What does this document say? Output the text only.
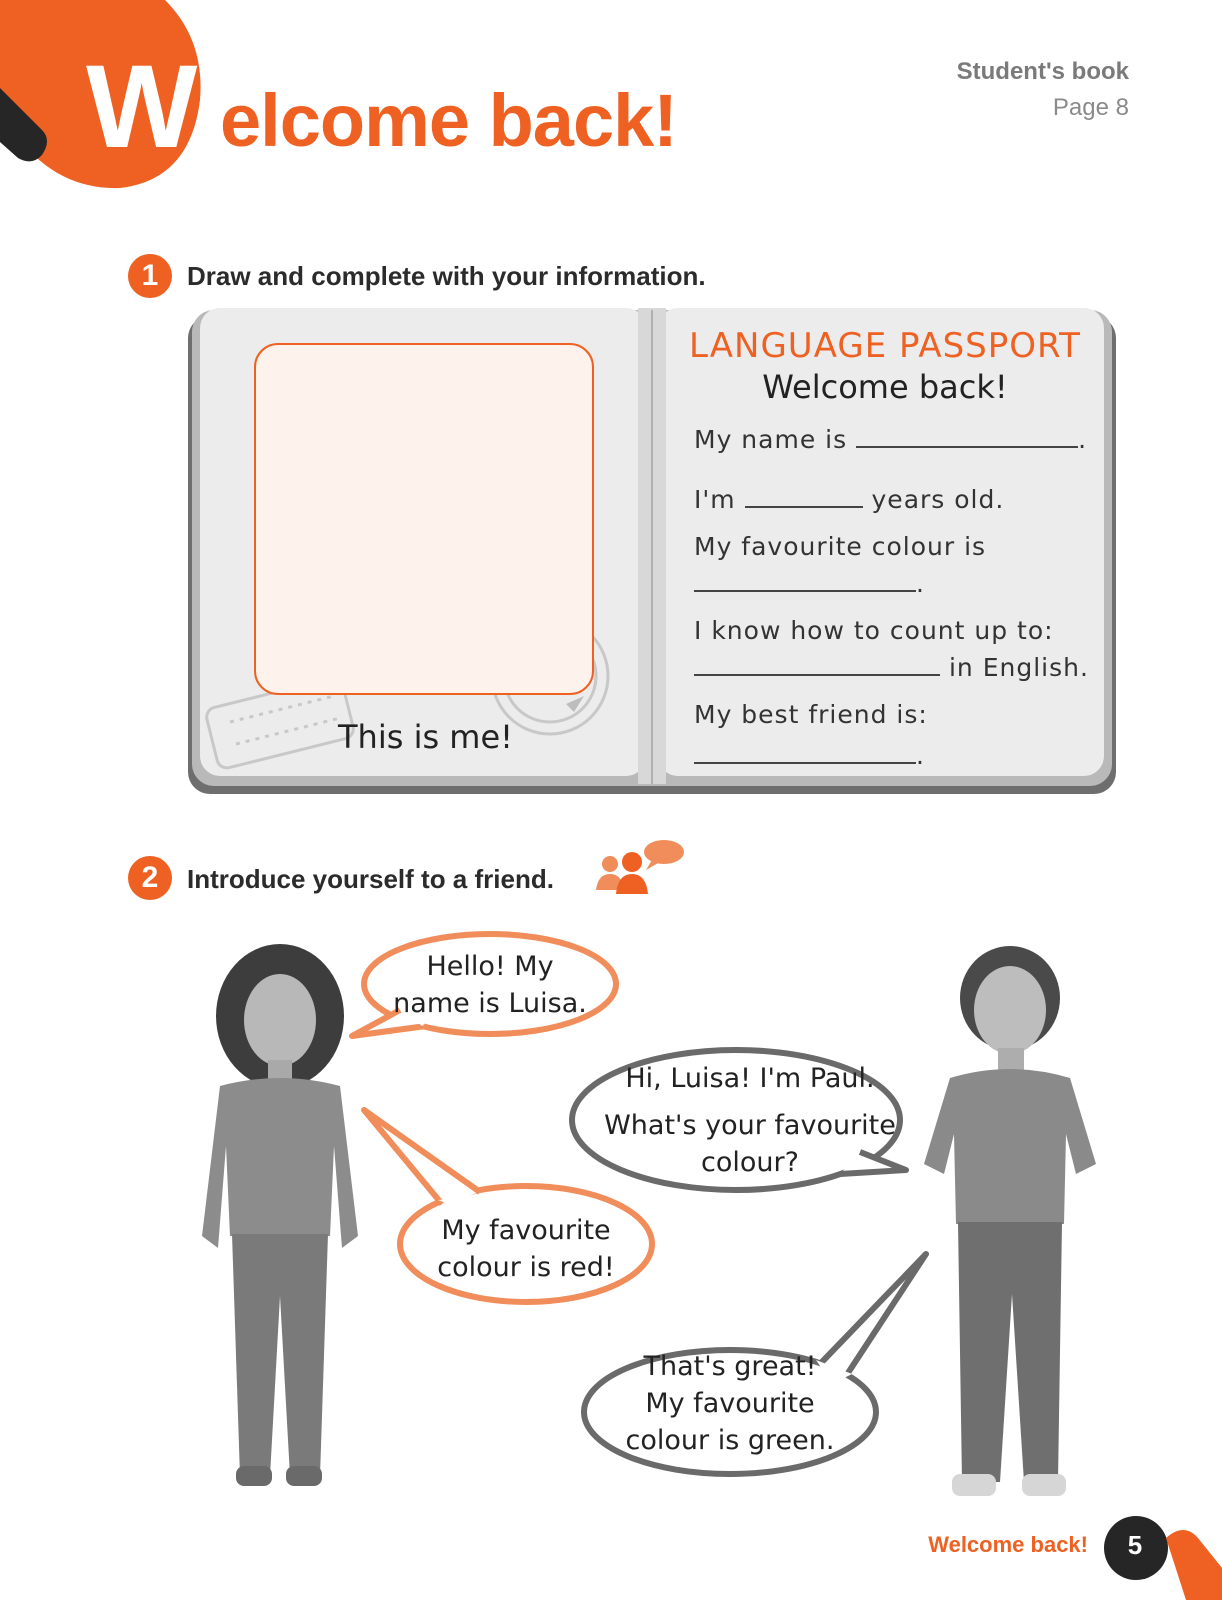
W elcome back!
Student's book
Page 8
1	Draw and complete with your information.
This is me!
LANGUAGE PASSPORT
Welcome back!
My name is	.
I'm	years old.
My favourite colour is
.
I know how to count up to:
in English.
My best friend is:
.
2	Introduce yourself to a friend.
Hello! My
name is Luisa.
Hi, Luisa! I'm Paul.
What's your favourite
colour?
My favourite
colour is red!
That's great!
My favourite
colour is green.
Welcome back!	5
